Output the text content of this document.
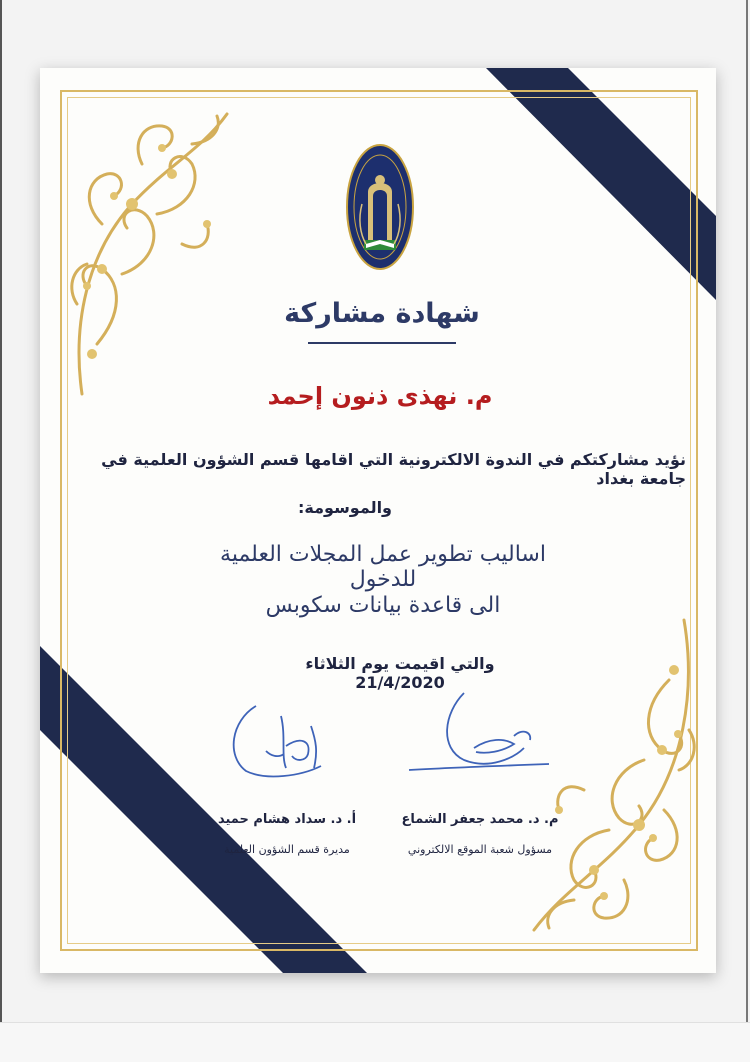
شهادة مشاركة
م. نهذى ذنون إحمد
نؤيد مشاركتكم في الندوة الالكترونية التي اقامها قسم الشؤون العلمية في جامعة بغداد
والموسومة:
اساليب تطوير عمل المجلات العلمية للدخول
الى قاعدة بيانات سكوبس
والتي اقيمت يوم الثلاثاء 21/4/2020
م. د. محمد جعفر الشماع
مسؤول شعبة الموقع الالكتروني
أ. د. سداد هشام حميد
مديرة قسم الشؤون العلمية
